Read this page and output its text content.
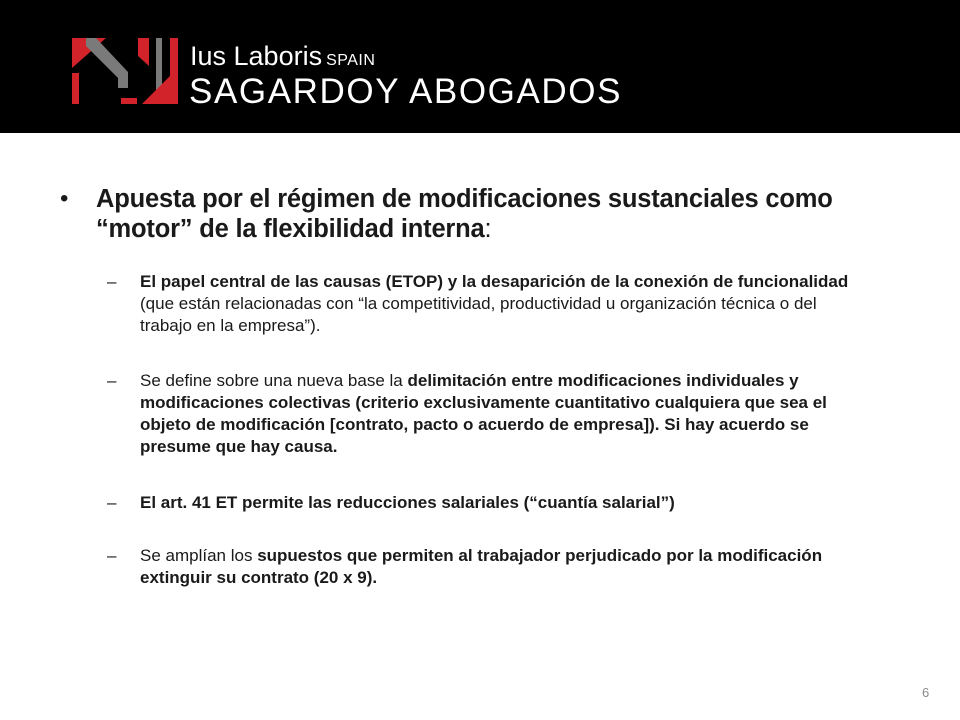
Ius Laboris SPAIN
SAGARDOY ABOGADOS
•	Apuesta por el régimen de modificaciones sustanciales como “motor” de la flexibilidad interna:
–	El papel central de las causas (ETOP) y la desaparición de la conexión de funcionalidad (que están relacionadas con “la competitividad, productividad u organización técnica o del trabajo en la empresa”).
–	Se define sobre una nueva base la delimitación entre modificaciones individuales y modificaciones colectivas (criterio exclusivamente cuantitativo cualquiera que sea el objeto de modificación [contrato, pacto o acuerdo de empresa]). Si hay acuerdo se presume que hay causa.
–	El art. 41 ET permite las reducciones salariales (“cuantía salarial”)
–	Se amplían los supuestos que permiten al trabajador perjudicado por la modificación extinguir su contrato (20 x 9).
6
